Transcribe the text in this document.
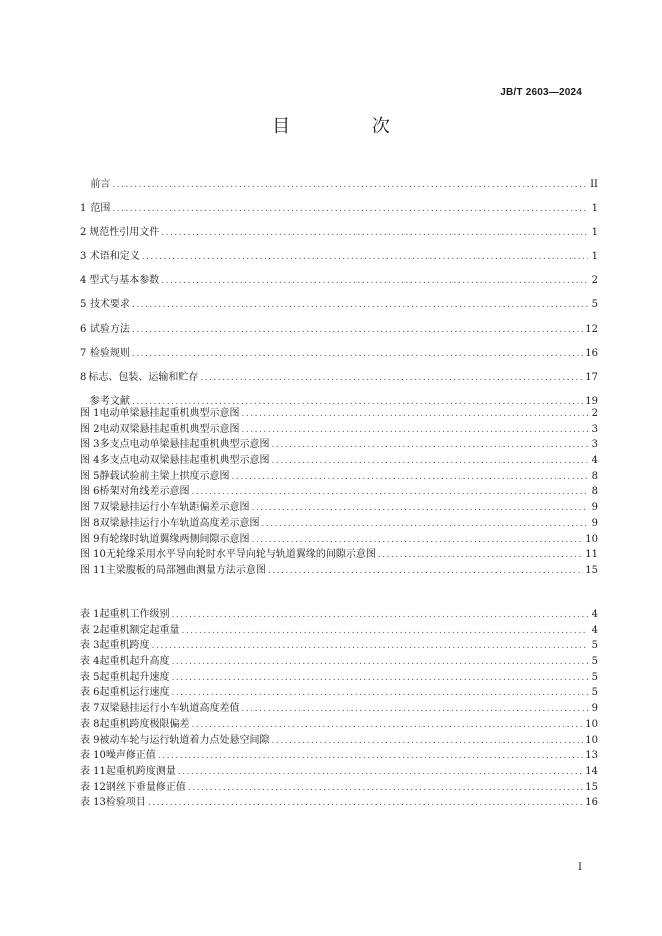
JB/T 2603—2024
目 次
前言 .....	II
1 范围 .....	1
2 规范性引用文件 .....	1
3 术语和定义 .....	1
4 型式与基本参数 .....	2
5 技术要求 .....	5
6 试验方法 .....	12
7 检验规则 .....	16
8 标志、包装、运输和贮存 .....	17
参考文献 .....	19
图 1 电动单梁悬挂起重机典型示意图 .....	2
图 2 电动双梁悬挂起重机典型示意图 .....	3
图 3 多支点电动单梁悬挂起重机典型示意图 .....	3
图 4 多支点电动双梁悬挂起重机典型示意图 .....	4
图 5 静载试验前主梁上拱度示意图 .....	8
图 6 桥架对角线差示意图 .....	8
图 7 双梁悬挂运行小车轨距偏差示意图 .....	9
图 8 双梁悬挂运行小车轨道高度差示意图 .....	9
图 9 有轮缘时轨道翼缘两侧间隙示意图 .....	10
图 10 无轮缘采用水平导向轮时水平导向轮与轨道翼缘的间隙示意图 .....	11
图 11 主梁腹板的局部翘曲测量方法示意图 .....	15
表 1 起重机工作级别 .....	4
表 2 起重机额定起重量 .....	4
表 3 起重机跨度 .....	5
表 4 起重机起升高度 .....	5
表 5 起重机起升速度 .....	5
表 6 起重机运行速度 .....	5
表 7 双梁悬挂运行小车轨道高度差值 .....	9
表 8 起重机跨度极限偏差 .....	10
表 9 被动车轮与运行轨道着力点处悬空间隙 .....	10
表 10 噪声修正值 .....	13
表 11 起重机跨度测量 .....	14
表 12 钢丝下垂量修正值 .....	15
表 13 检验项目 .....	16
I
